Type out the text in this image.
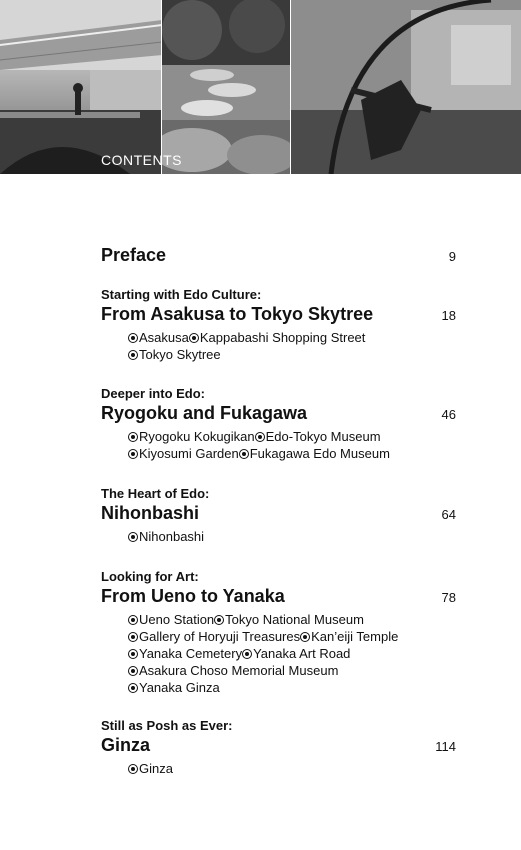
CONTENTS
Preface	9
Starting with Edo Culture:
From Asakusa to Tokyo Skytree	18
Asakusa Kappabashi Shopping Street
Tokyo Skytree
Deeper into Edo:
Ryogoku and Fukagawa	46
Ryogoku Kokugikan Edo-Tokyo Museum
Kiyosumi Garden Fukagawa Edo Museum
The Heart of Edo:
Nihonbashi	64
Nihonbashi
Looking for Art:
From Ueno to Yanaka	78
Ueno Station Tokyo National Museum
Gallery of Horyuji Treasures Kan’eiji Temple
Yanaka Cemetery Yanaka Art Road
Asakura Choso Memorial Museum
Yanaka Ginza
Still as Posh as Ever:
Ginza	114
Ginza
